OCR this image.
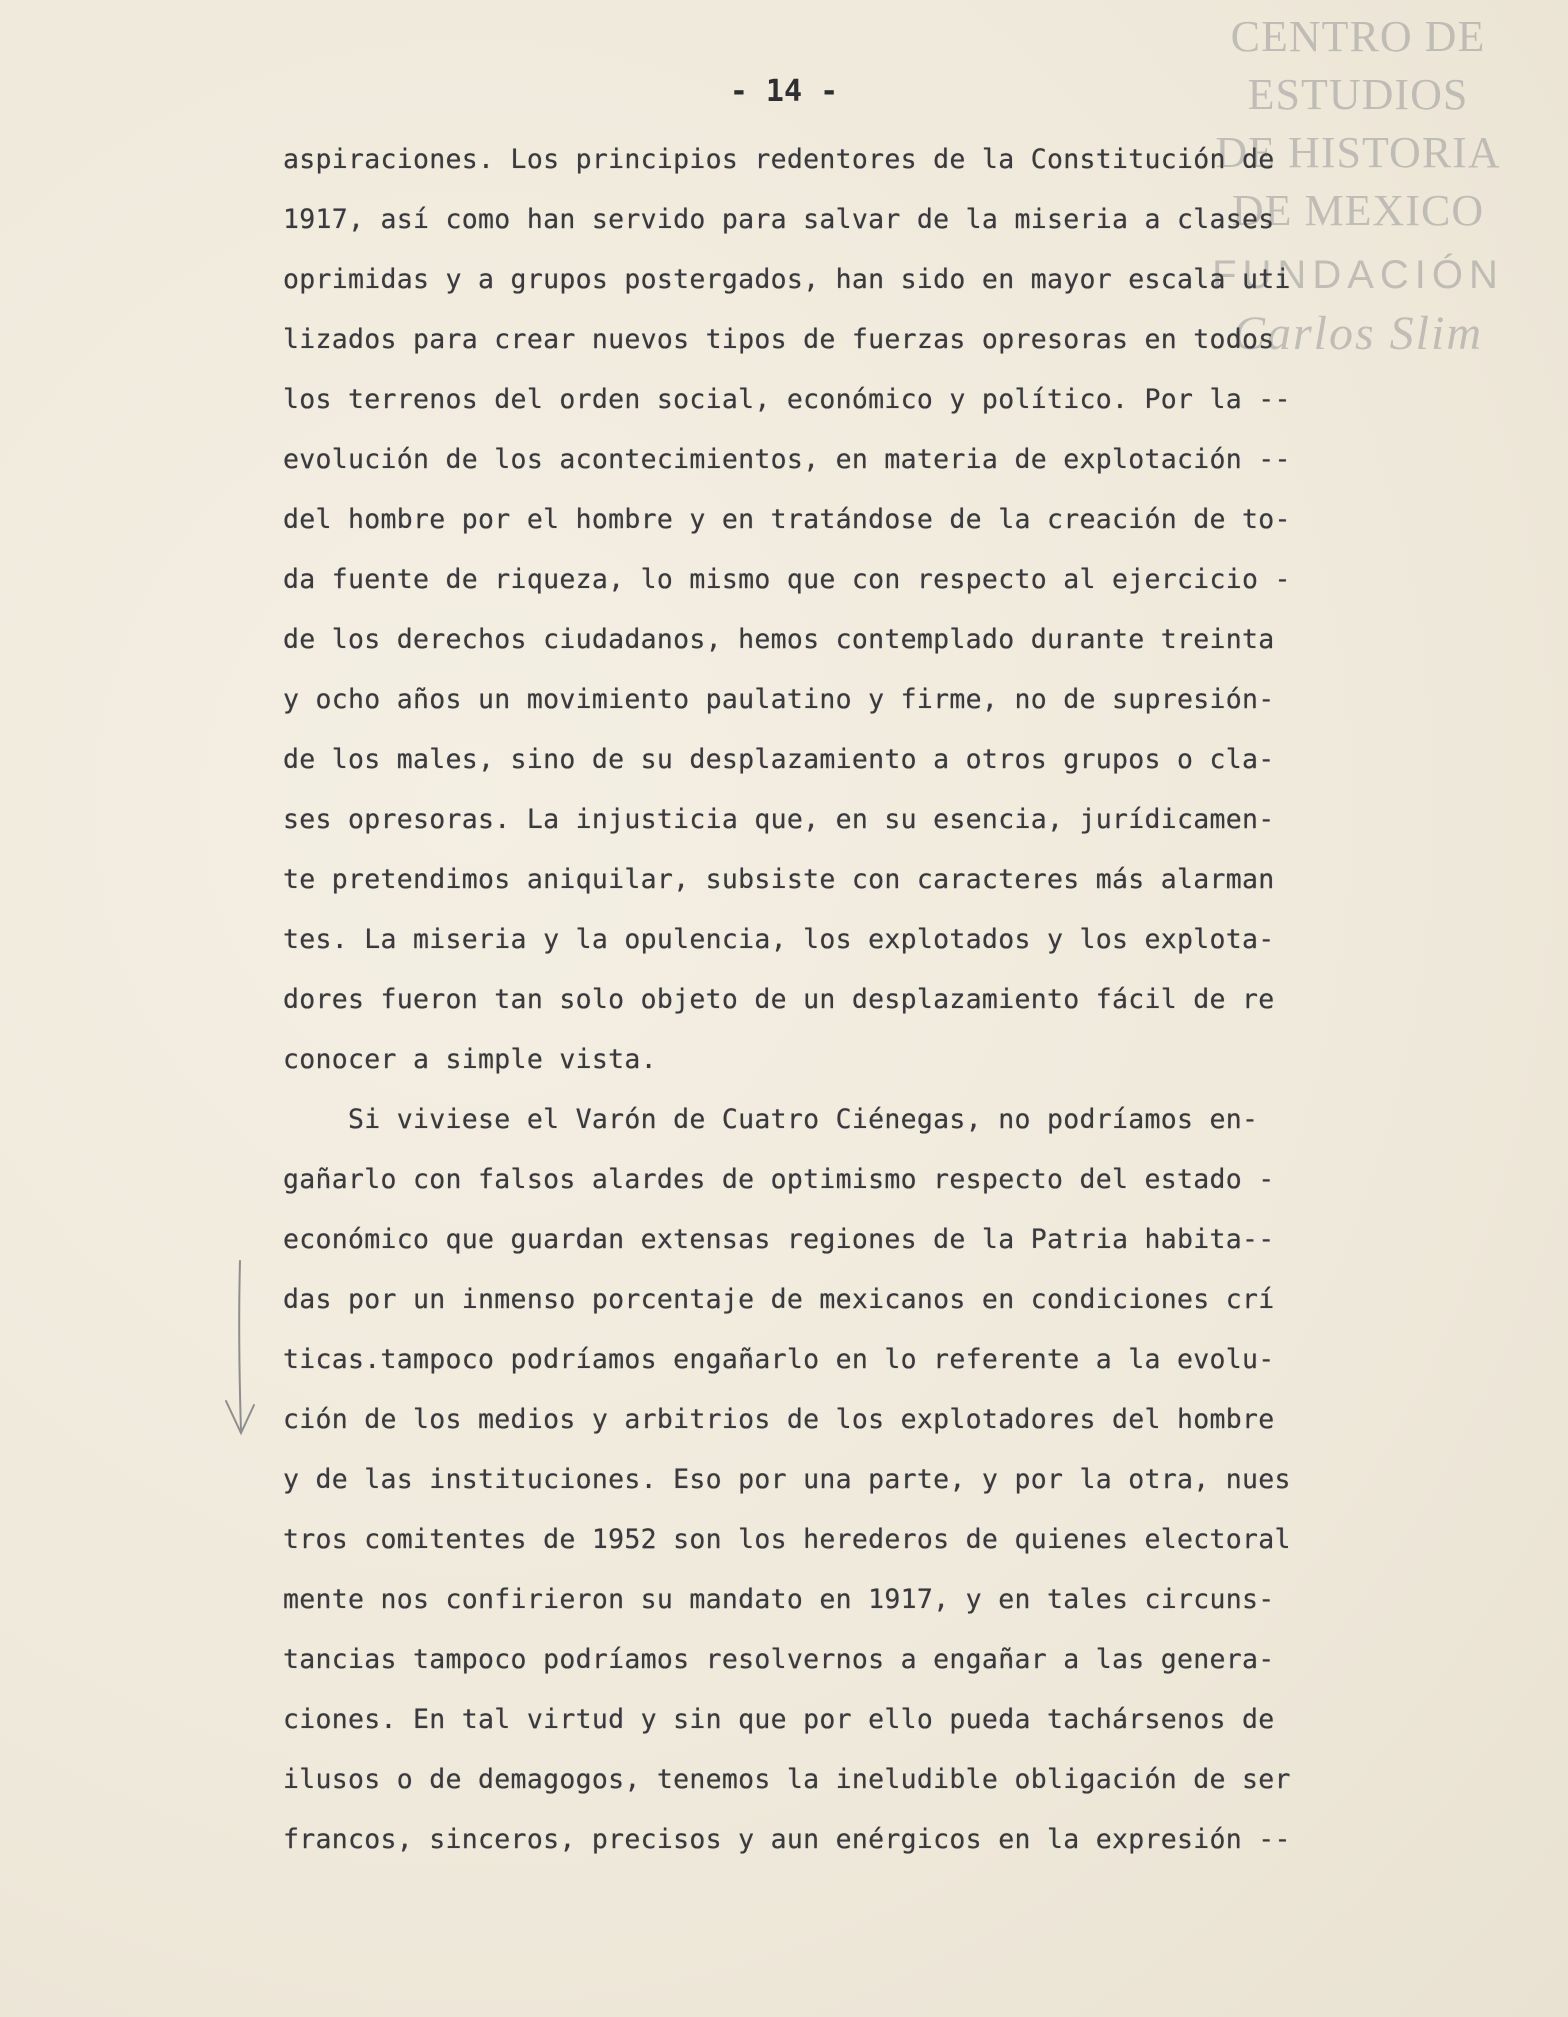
CENTRO DE
ESTUDIOS
DE HISTORIA
DE MEXICO
FUNDACIÓN
Carlos Slim
- 14 -
aspiraciones. Los principios redentores de la Constitución de
1917, así como han servido para salvar de la miseria a clases
oprimidas y a grupos postergados, han sido en mayor escala uti
lizados para crear nuevos tipos de fuerzas opresoras en todos
los terrenos del orden social, económico y político. Por la --
evolución de los acontecimientos, en materia de explotación --
del hombre por el hombre y en tratándose de la creación de to-
da fuente de riqueza, lo mismo que con respecto al ejercicio -
de los derechos ciudadanos, hemos contemplado durante treinta
y ocho años un movimiento paulatino y firme, no de supresión-
de los males, sino de su desplazamiento a otros grupos o cla-
ses opresoras. La injusticia que, en su esencia, jurídicamen-
te pretendimos aniquilar, subsiste con caracteres más alarman
tes. La miseria y la opulencia, los explotados y los explota-
dores fueron tan solo objeto de un desplazamiento fácil de re
conocer a simple vista.
Si viviese el Varón de Cuatro Ciénegas, no podríamos en-
gañarlo con falsos alardes de optimismo respecto del estado -
económico que guardan extensas regiones de la Patria habita--
das por un inmenso porcentaje de mexicanos en condiciones crí
ticas.tampoco podríamos engañarlo en lo referente a la evolu-
ción de los medios y arbitrios de los explotadores del hombre
y de las instituciones. Eso por una parte, y por la otra, nues
tros comitentes de 1952 son los herederos de quienes electoral
mente nos confirieron su mandato en 1917, y en tales circuns-
tancias tampoco podríamos resolvernos a engañar a las genera-
ciones. En tal virtud y sin que por ello pueda tachársenos de
ilusos o de demagogos, tenemos la ineludible obligación de ser
francos, sinceros, precisos y aun enérgicos en la expresión --
